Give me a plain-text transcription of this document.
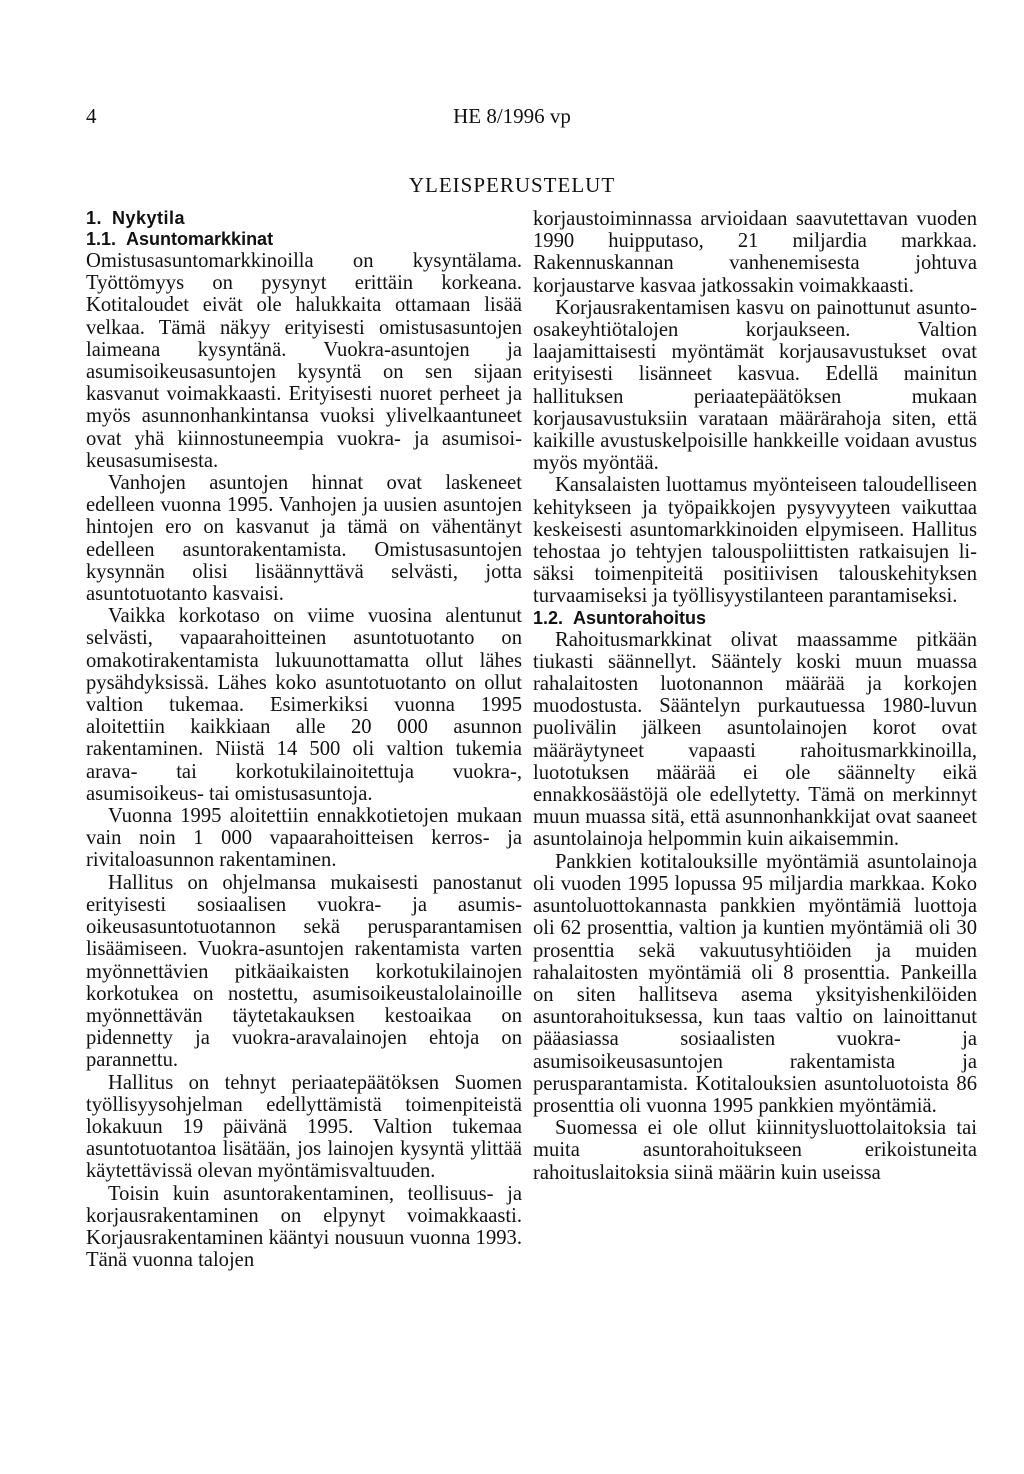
4	HE 8/1996 vp
YLEISPERUSTELUT
1. Nykytila
1.1. Asuntomarkkinat

Omistusasuntomarkkinoilla on kysyntälama. Työttömyys on pysynyt erittäin korkeana. Kotitaloudet eivät ole halukkaita ottamaan lisää velkaa. Tämä näkyy erityisesti omistusasuntojen laimeana kysyntänä. Vuokra-asuntojen ja asumisoikeusasuntojen kysyntä on sen sijaan kasvanut voimakkaasti. Erityisesti nuoret perheet ja myös asunnonhankintansa vuoksi ylivelkaantuneet ovat yhä kiinnostuneempia vuokra- ja asumisoikeusasumisesta.

Vanhojen asuntojen hinnat ovat laskeneet edelleen vuonna 1995. Vanhojen ja uusien asuntojen hintojen ero on kasvanut ja tämä on vähentänyt edelleen asuntorakentamista. Omistusasuntojen kysynnän olisi lisäännyttävä selvästi, jotta asuntotuotanto kasvaisi.

Vaikka korkotaso on viime vuosina alentunut selvästi, vapaarahoitteinen asuntotuotanto on omakotirakentamista lukuunottamatta ollut lähes pysähdyksissä. Lähes koko asuntotuotanto on ollut valtion tukemaa. Esimerkiksi vuonna 1995 aloitettiin kaikkiaan alle 20 000 asunnon rakentaminen. Niistä 14 500 oli valtion tukemia arava- tai korkotukilainoitettuja vuokra-, asumisoikeus- tai omistusasuntoja.

Vuonna 1995 aloitettiin ennakkotietojen mukaan vain noin 1 000 vapaarahoitteisen kerros- ja rivitaloasunnon rakentaminen.

Hallitus on ohjelmansa mukaisesti panostanut erityisesti sosiaalisen vuokra- ja asumisoikeusasuntotuotannon sekä perusparantamisen lisäämiseen. Vuokra-asuntojen rakentamista varten myönnettävien pitkäaikaisten korkotukilainojen korkotukea on nostettu, asumisoikeustalolainoille myönnettävän täytetakauksen kestoaikaa on pidennetty ja vuokra-aravalainojen ehtoja on parannettu.

Hallitus on tehnyt periaatepäätöksen Suomen työllisyysohjelman edellyttämistä toimenpiteistä lokakuun 19 päivänä 1995. Valtion tukemaa asuntotuotantoa lisätään, jos lainojen kysyntä ylittää käytettävissä olevan myöntämisvaltuuden.

Toisin kuin asuntorakentaminen, teollisuus- ja korjausrakentaminen on elpynyt voimakkaasti. Korjausrakentaminen kääntyi nousuun vuonna 1993. Tänä vuonna talojen

korjaustoiminnassa arvioidaan saavutettavan vuoden 1990 huipputaso, 21 miljardia markkaa. Rakennuskannan vanhenemisesta johtuva korjaustarve kasvaa jatkossakin voimakkaasti.

Korjausrakentamisen kasvu on painottunut asunto-osakeyhtiötalojen korjaukseen. Valtion laajamittaisesti myöntämät korjausavustukset ovat erityisesti lisänneet kasvua. Edellä mainitun hallituksen periaatepäätöksen mukaan korjausavustuksiin varataan määrärahoja siten, että kaikille avustuskelpoisille hankkeille voidaan avustus myös myöntää.

Kansalaisten luottamus myönteiseen taloudelliseen kehitykseen ja työpaikkojen pysyvyyteen vaikuttaa keskeisesti asuntomarkkinoiden elpymiseen. Hallitus tehostaa jo tehtyjen talouspoliittisten ratkaisujen lisäksi toimenpiteitä positiivisen talouskehityksen turvaamiseksi ja työllisyystilanteen parantamiseksi.

1.2. Asuntorahoitus

Rahoitusmarkkinat olivat maassamme pitkään tiukasti säännellyt. Sääntely koski muun muassa rahalaitosten luotonannon määrää ja korkojen muodostusta. Sääntelyn purkautuessa 1980-luvun puolivälin jälkeen asuntolainojen korot ovat määräytyneet vapaasti rahoitusmarkkinoilla, luototuksen määrää ei ole säännelty eikä ennakkosäästöjä ole edellytetty. Tämä on merkinnyt muun muassa sitä, että asunnonhankkijat ovat saaneet asuntolainoja helpommin kuin aikaisemmin.

Pankkien kotitalouksille myöntämiä asuntolainoja oli vuoden 1995 lopussa 95 miljardia markkaa. Koko asuntoluottokannasta pankkien myöntämiä luottoja oli 62 prosenttia, valtion ja kuntien myöntämiä oli 30 prosenttia sekä vakuutusyhtiöiden ja muiden rahalaitosten myöntämiä oli 8 prosenttia. Pankeilla on siten hallitseva asema yksityishenkilöiden asuntorahoituksessa, kun taas valtio on lainoittanut pääasiassa sosiaalisten vuokra- ja asumisoikeusasuntojen rakentamista ja perusparantamista. Kotitalouksien asuntoluotoista 86 prosenttia oli vuonna 1995 pankkien myöntämiä.

Suomessa ei ole ollut kiinnitysluottolaitoksia tai muita asuntorahoitukseen erikoistuneita rahoituslaitoksia siinä määrin kuin useissa
